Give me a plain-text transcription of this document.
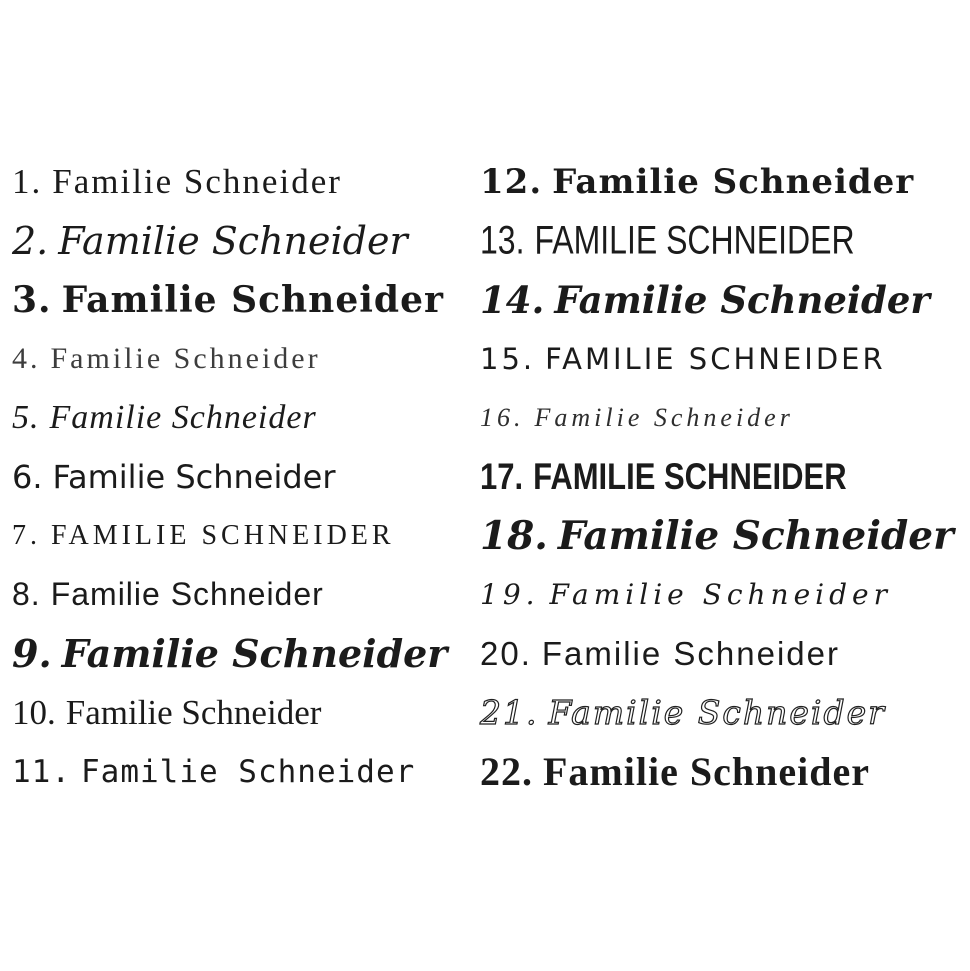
1. Familie Schneider
2. Familie Schneider
3. Familie Schneider
4. Familie Schneider
5. Familie Schneider
6. Familie Schneider
7. FAMILIE SCHNEIDER
8. Familie Schneider
9. Familie Schneider
10. Familie Schneider
11. Familie Schneider
12. Familie Schneider
13. FAMILIE SCHNEIDER
14. Familie Schneider
15. FAMILIE SCHNEIDER
16. Familie Schneider
17. FAMILIE SCHNEIDER
18. Familie Schneider
19. Familie Schneider
20. Familie Schneider
21. Familie Schneider
22. Familie Schneider
